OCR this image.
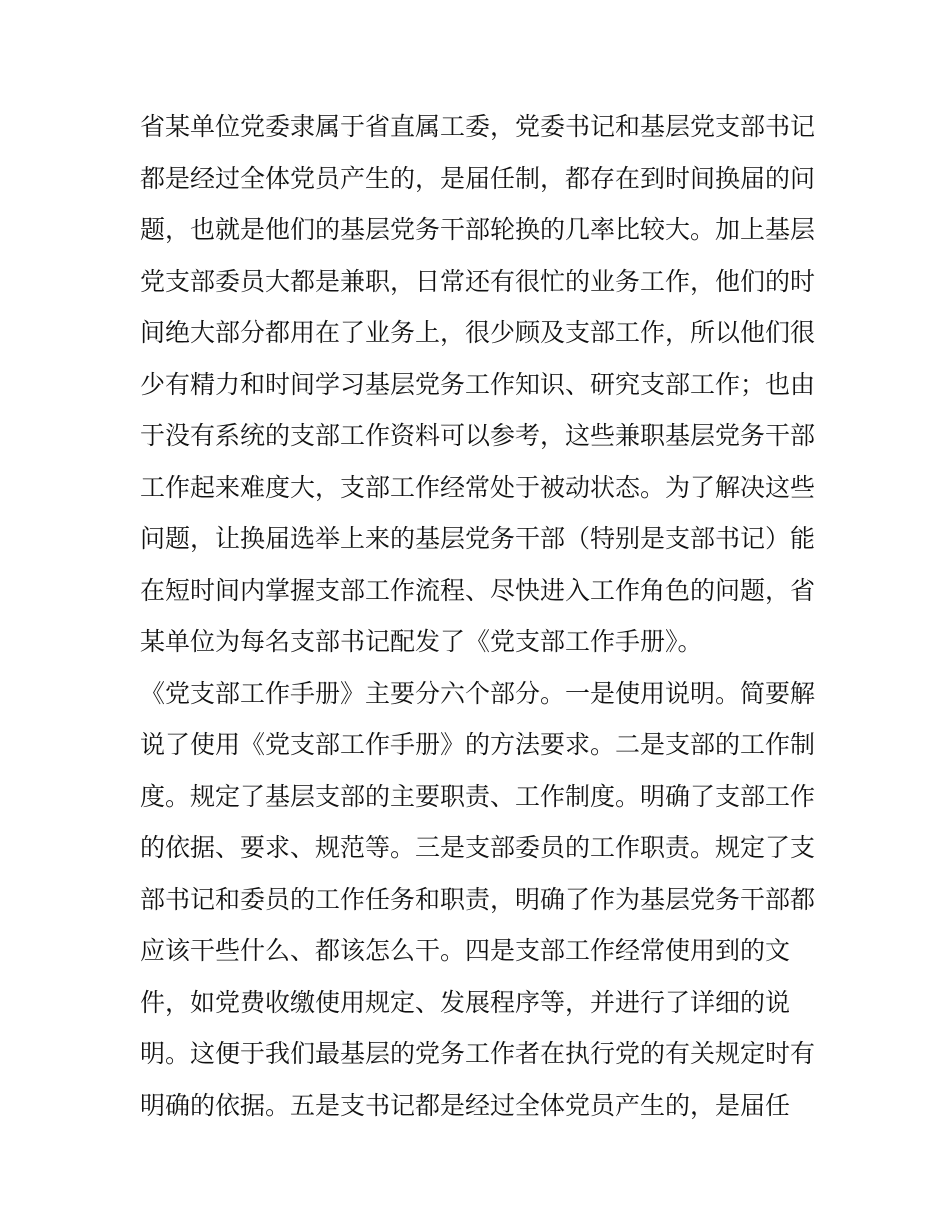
省某单位党委隶属于省直属工委，党委书记和基层党支部书记
都是经过全体党员产生的，是届任制，都存在到时间换届的问
题，也就是他们的基层党务干部轮换的几率比较大。加上基层
党支部委员大都是兼职，日常还有很忙的业务工作，他们的时
间绝大部分都用在了业务上，很少顾及支部工作，所以他们很
少有精力和时间学习基层党务工作知识、研究支部工作；也由
于没有系统的支部工作资料可以参考，这些兼职基层党务干部
工作起来难度大，支部工作经常处于被动状态。为了解决这些
问题，让换届选举上来的基层党务干部（特别是支部书记）能
在短时间内掌握支部工作流程、尽快进入工作角色的问题，省
某单位为每名支部书记配发了《党支部工作手册》。
《党支部工作手册》主要分六个部分。一是使用说明。简要解
说了使用《党支部工作手册》的方法要求。二是支部的工作制
度。规定了基层支部的主要职责、工作制度。明确了支部工作
的依据、要求、规范等。三是支部委员的工作职责。规定了支
部书记和委员的工作任务和职责，明确了作为基层党务干部都
应该干些什么、都该怎么干。四是支部工作经常使用到的文
件，如党费收缴使用规定、发展程序等，并进行了详细的说
明。这便于我们最基层的党务工作者在执行党的有关规定时有
明确的依据。五是支书记都是经过全体党员产生的，是届任
